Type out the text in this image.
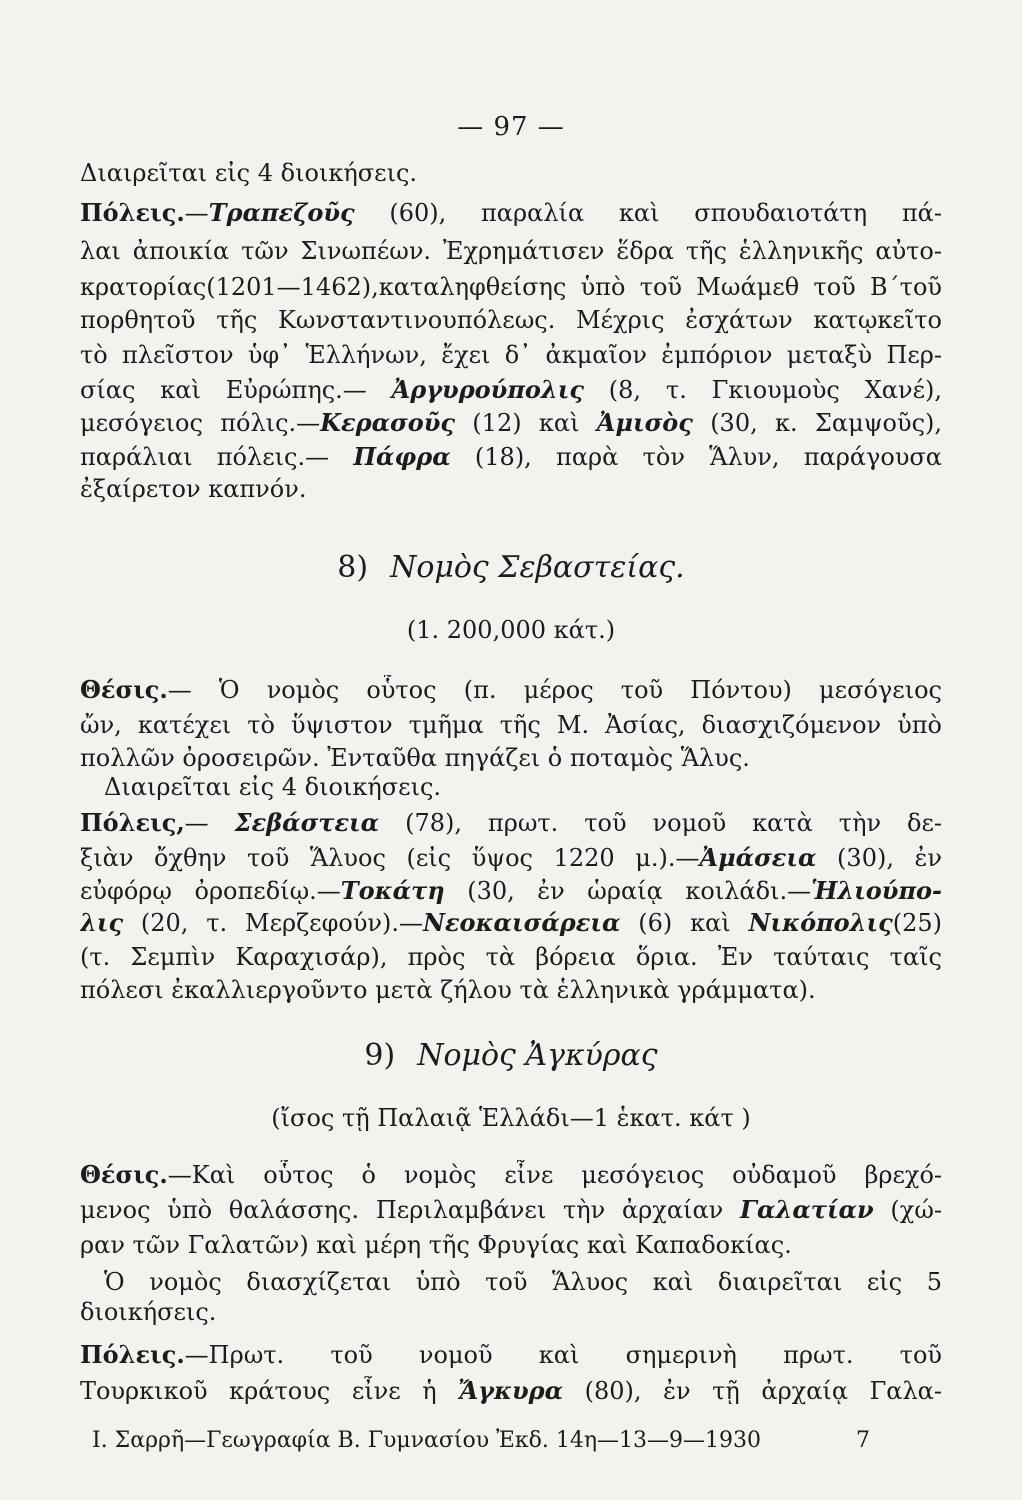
— 97 —
Διαιρεῖται εἰς 4 διοικήσεις.
Πόλεις.—Τραπεζοῦς (60), παραλία καὶ σπουδαιοτάτη πά-
λαι ἀποικία τῶν Σινωπέων. Ἐχρημάτισεν ἕδρα τῆς ἑλληνικῆς αὐτο-
κρατορίας(1201—1462),καταληφθείσης ὑπὸ τοῦ Μωάμεθ τοῦ Β΄τοῦ
πορθητοῦ τῆς Κωνσταντινουπόλεως. Μέχρις ἐσχάτων κατῳκεῖτο
τὸ πλεῖστον ὑφ᾽ Ἑλλήνων, ἔχει δ᾽ ἀκμαῖον ἐμπόριον μεταξὺ Περ-
σίας καὶ Εὐρώπης.— Ἀργυρούπολις (8, τ. Γκιουμοὺς Χανέ),
μεσόγειος πόλις.—Κερασοῦς (12) καὶ Ἀμισὸς (30, κ. Σαμψοῦς),
παράλιαι πόλεις.— Πάφρα (18), παρὰ τὸν Ἅλυν, παράγουσα
ἐξαίρετον καπνόν.
8) Νομὸς Σεβαστείας.
(1. 200,000 κάτ.)
Θέσις.— Ὁ νομὸς οὗτος (π. μέρος τοῦ Πόντου) μεσόγειος
ὤν, κατέχει τὸ ὕψιστον τμῆμα τῆς Μ. Ἀσίας, διασχιζόμενον ὑπὸ
πολλῶν ὀροσειρῶν. Ἐνταῦθα πηγάζει ὁ ποταμὸς Ἅλυς.
Διαιρεῖται εἰς 4 διοικήσεις.
Πόλεις,— Σεβάστεια (78), πρωτ. τοῦ νομοῦ κατὰ τὴν δε-
ξιὰν ὄχθην τοῦ Ἅλυος (εἰς ὕψος 1220 μ.).—Ἀμάσεια (30), ἐν
εὐφόρῳ ὀροπεδίῳ.—Τοκάτη (30, ἐν ὡραίᾳ κοιλάδι.—Ἡλιούπο-
λις (20, τ. Μερζεφούν).—Νεοκαισάρεια (6) καὶ Νικόπολις(25)
(τ. Σεμπὶν Καραχισάρ), πρὸς τὰ βόρεια ὅρια. Ἐν ταύταις ταῖς
πόλεσι ἐκαλλιεργοῦντο μετὰ ζήλου τὰ ἑλληνικὰ γράμματα).
9) Νομὸς Ἀγκύρας
(ἴσος τῇ Παλαιᾷ Ἑλλάδι—1 ἑκατ. κάτ )
Θέσις.—Καὶ οὗτος ὁ νομὸς εἶνε μεσόγειος οὐδαμοῦ βρεχό-
μενος ὑπὸ θαλάσσης. Περιλαμβάνει τὴν ἀρχαίαν Γαλατίαν (χώ-
ραν τῶν Γαλατῶν) καὶ μέρη τῆς Φρυγίας καὶ Καπαδοκίας.
Ὁ νομὸς διασχίζεται ὑπὸ τοῦ Ἅλυος καὶ διαιρεῖται εἰς 5
διοικήσεις.
Πόλεις.—Πρωτ. τοῦ νομοῦ καὶ σημερινὴ πρωτ. τοῦ
Τουρκικοῦ κράτους εἶνε ἡ Ἄγκυρα (80), ἐν τῇ ἀρχαίᾳ Γαλα-
Ι. Σαρρῆ—Γεωγραφία Β. Γυμνασίου Ἐκδ. 14η—13—9—1930	7
